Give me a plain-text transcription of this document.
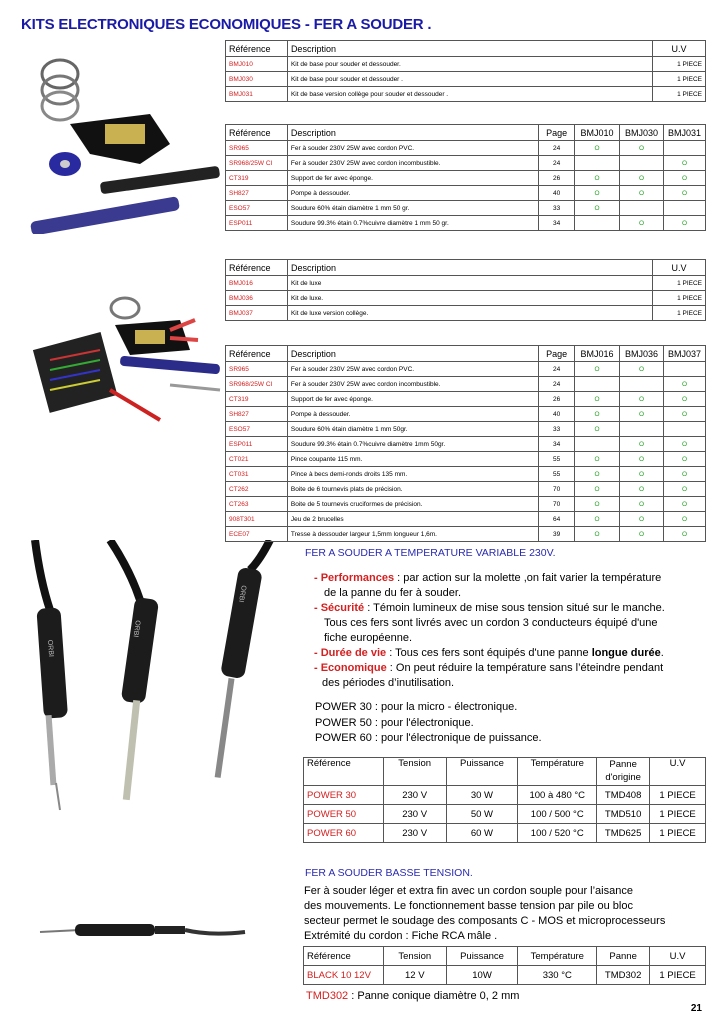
KITS ELECTRONIQUES ECONOMIQUES - FER A SOUDER .
ORBI
ORBI
ORBI
Référence	Description	U.V
BMJ010	Kit de base pour souder et dessouder.	1 PIECE
BMJ030	Kit de base pour souder et dessouder .	1 PIECE
BMJ031	Kit de base version collège pour souder et dessouder .	1 PIECE
Référence	Description	Page	BMJ010	BMJ030	BMJ031
SR965	Fer à souder 230V 25W avec cordon PVC.	24	O	O	
SR968/25W CI	Fer à souder 230V 25W avec cordon incombustible.	24			O
CT319	Support de fer avec éponge.	26	O	O	O
SH827	Pompe à dessouder.	40	O	O	O
ESO57	Soudure 60% étain diamètre 1 mm 50 gr.	33	O		
ESP011	Soudure 99.3% étain 0.7%cuivre diamètre 1 mm 50 gr.	34		O	O
Référence	Description	U.V
BMJ016	Kit de luxe	1 PIECE
BMJ036	Kit de luxe.	1 PIECE
BMJ037	Kit de luxe version collège.	1 PIECE
Référence	Description	Page	BMJ016	BMJ036	BMJ037
SR965	Fer à souder 230V 25W avec cordon PVC.	24	O	O	
SR968/25W CI	Fer à souder 230V 25W avec cordon incombustible.	24			O
CT319	Support de fer avec éponge.	26	O	O	O
SH827	Pompe à dessouder.	40	O	O	O
ESO57	Soudure 60% étain diamètre 1 mm 50gr.	33	O		
ESP011	Soudure 99.3% étain 0.7%cuivre diamètre 1mm 50gr.	34		O	O
CT021	Pince coupante 115 mm.	55	O	O	O
CT031	Pince à becs demi-ronds droits 135 mm.	55	O	O	O
CT262	Boite de 6 tournevis plats de précision.	70	O	O	O
CT263	Boite de 5 tournevis cruciformes de précision.	70	O	O	O
908T301	Jeu de 2 brucelles	64	O	O	O
ECE07	Tresse à dessouder largeur 1,5mm longueur 1,6m.	39	O	O	O
FER A SOUDER A TEMPERATURE VARIABLE 230V.
- Performances : par action sur la molette ,on fait varier la température
de la panne du fer à souder.
- Sécurité : Témoin lumineux de mise sous tension situé sur le manche.
Tous ces fers sont livrés avec un cordon 3 conducteurs équipé d'une
fiche européenne.
- Durée de vie : Tous ces fers sont équipés d'une panne longue durée.
- Economique : On peut réduire la température sans l’éteindre pendant
des périodes d’inutilisation.
POWER 30 : pour la micro - électronique.
POWER 50 : pour l'électronique.
POWER 60 : pour l'électronique de puissance.
Référence	Tension	Puissance	Température	Panne
d'origine	U.V
POWER 30	230 V	30 W	100 à 480 °C	TMD408	1 PIECE
POWER 50	230 V	50 W	100 / 500 °C	TMD510	1 PIECE
POWER 60	230 V	60 W	100 / 520 °C	TMD625	1 PIECE
FER A SOUDER BASSE TENSION.
Fer à souder léger et extra fin avec un cordon souple pour l’aisance
des mouvements. Le fonctionnement basse tension par pile ou bloc
secteur permet le soudage des composants C - MOS et microprocesseurs
Extrémité du cordon : Fiche RCA mâle .
Référence	Tension	Puissance	Température	Panne	U.V
BLACK 10 12V	12 V	10W	330 °C	TMD302	1 PIECE
TMD302 : Panne conique diamètre 0, 2 mm
21
